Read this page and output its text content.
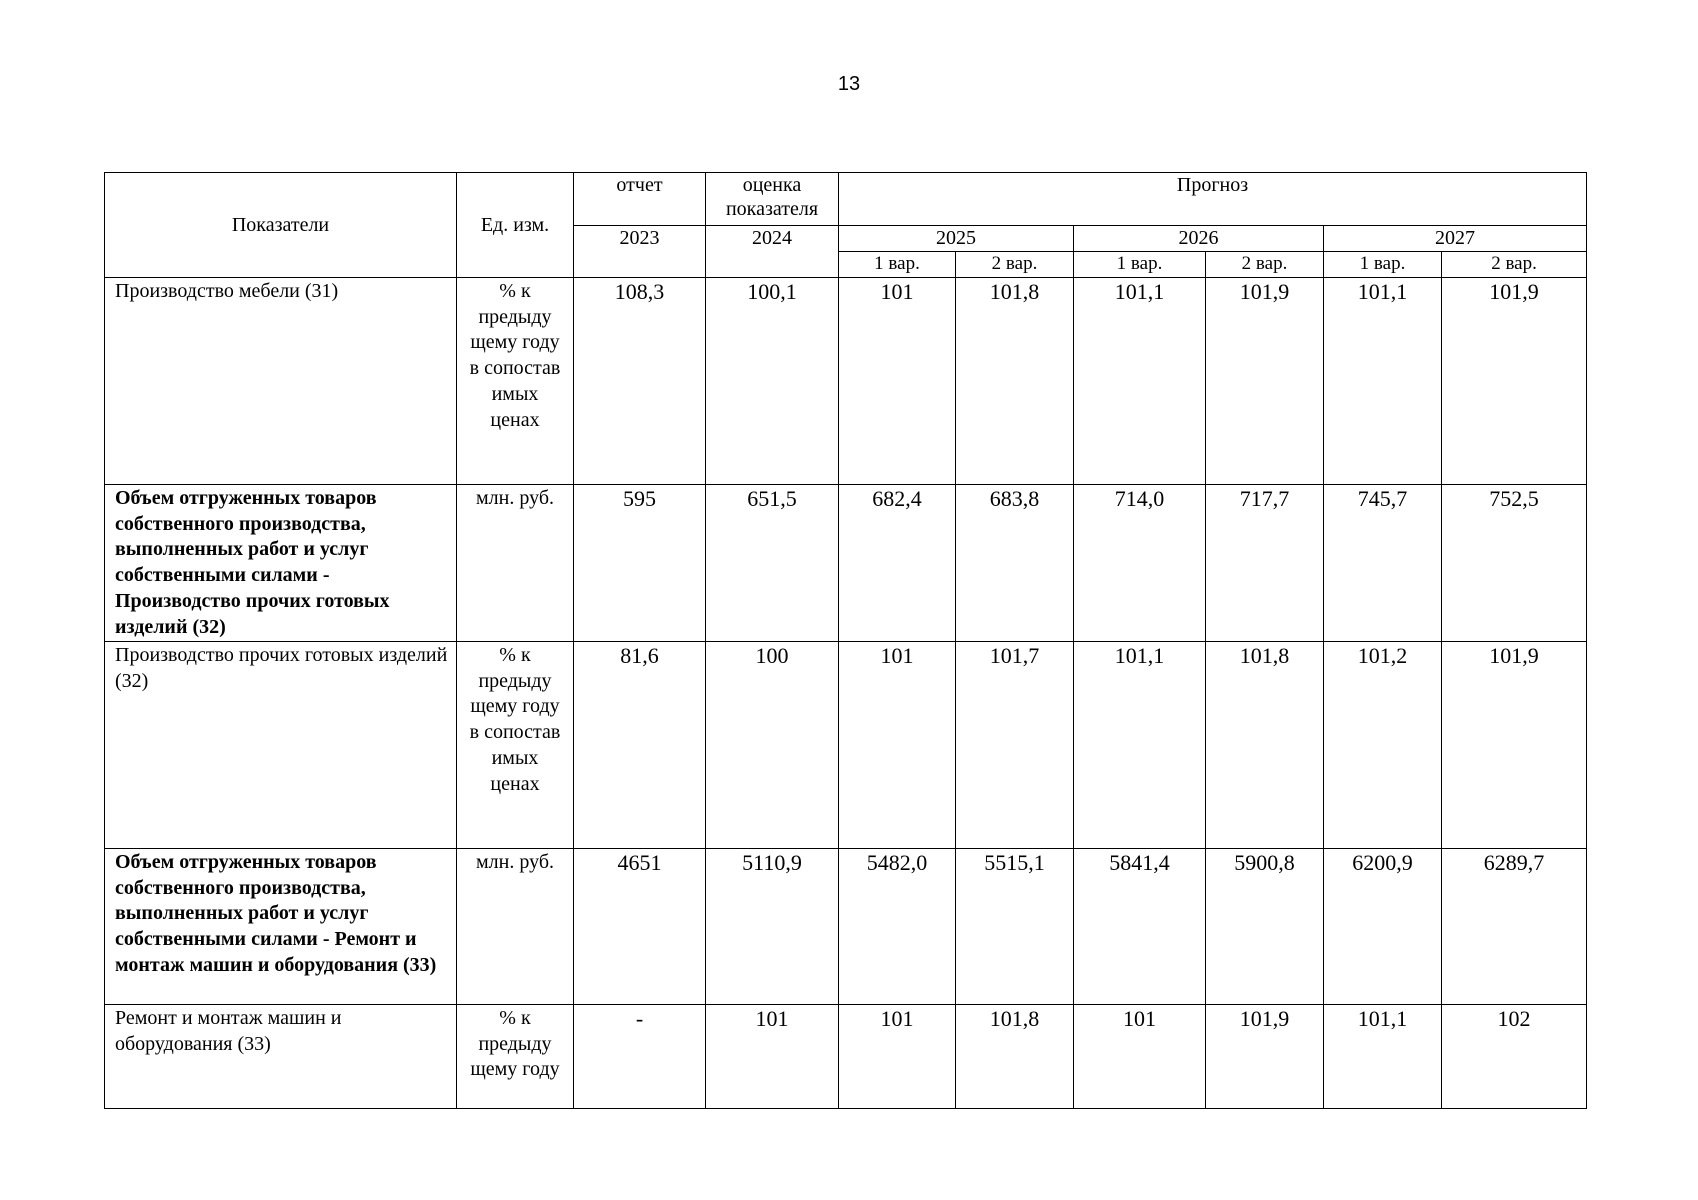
13
Показатели	Ед. изм.	отчет	оценка показателя	Прогноз					
		2023	2024	2025		2026		2027	
				1 вар.	2 вар.	1 вар.	2 вар.	1 вар.	2 вар.
Производство мебели (31)	% к предыду щему году в сопостав имых ценах	108,3	100,1	101	101,8	101,1	101,9	101,1	101,9
Объем отгруженных товаров собственного производства, выполненных работ и услуг собственными силами - Производство прочих готовых изделий (32)	млн. руб.	595	651,5	682,4	683,8	714,0	717,7	745,7	752,5
Производство прочих готовых изделий (32)	% к предыду щему году в сопостав имых ценах	81,6	100	101	101,7	101,1	101,8	101,2	101,9
Объем отгруженных товаров собственного производства, выполненных работ и услуг собственными силами - Ремонт и монтаж машин и оборудования (33)	млн. руб.	4651	5110,9	5482,0	5515,1	5841,4	5900,8	6200,9	6289,7
Ремонт и монтаж машин и оборудования (33)	% к предыду щему году	-	101	101	101,8	101	101,9	101,1	102
